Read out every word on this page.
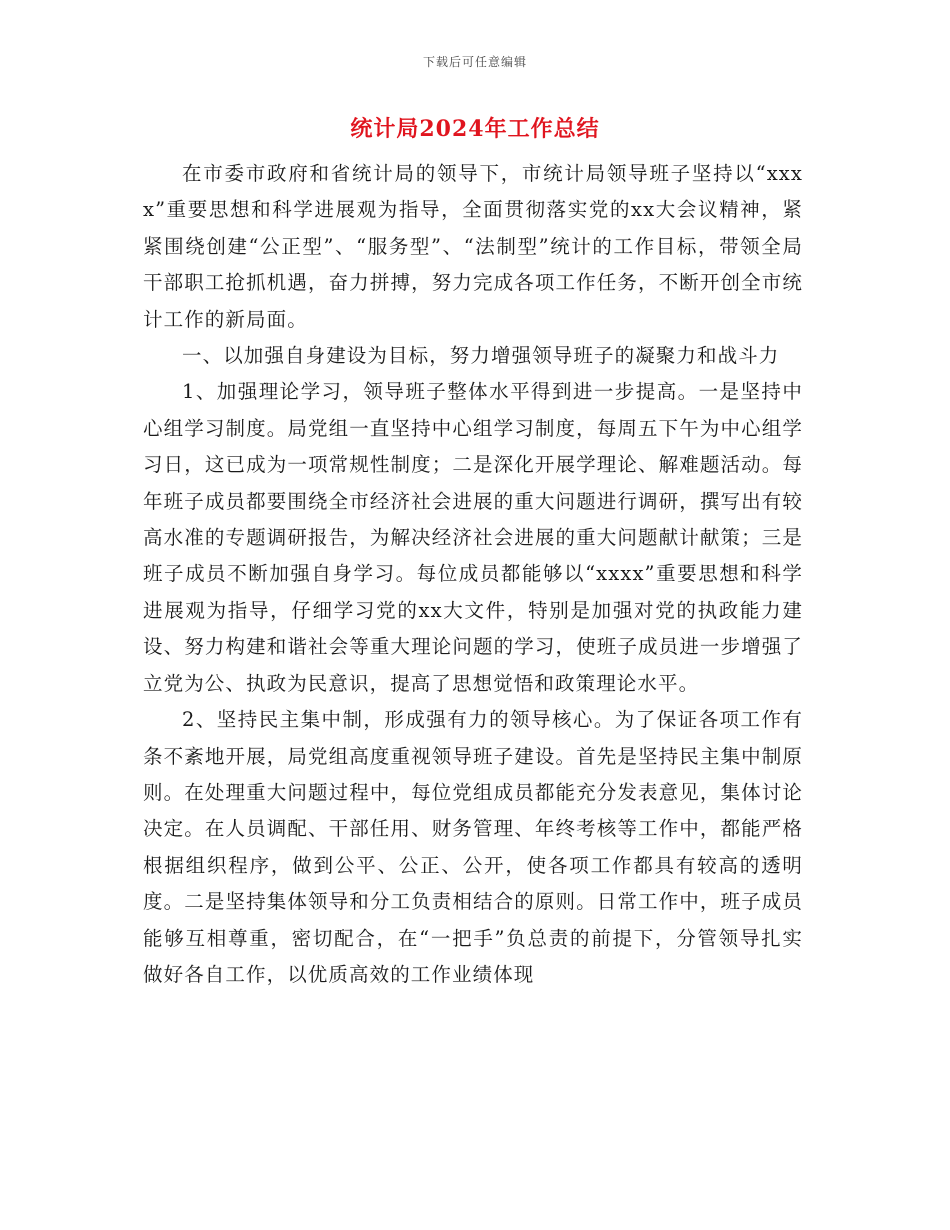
下载后可任意编辑
统计局2024年工作总结

在市委市政府和省统计局的领导下，市统计局领导班子坚持以“xxxx”重要思想和科学进展观为指导，全面贯彻落实党的xx大会议精神，紧紧围绕创建“公正型”、“服务型”、“法制型”统计的工作目标，带领全局干部职工抢抓机遇，奋力拼搏，努力完成各项工作任务，不断开创全市统计工作的新局面。

一、以加强自身建设为目标，努力增强领导班子的凝聚力和战斗力

1、加强理论学习，领导班子整体水平得到进一步提高。一是坚持中心组学习制度。局党组一直坚持中心组学习制度，每周五下午为中心组学习日，这已成为一项常规性制度；二是深化开展学理论、解难题活动。每年班子成员都要围绕全市经济社会进展的重大问题进行调研，撰写出有较高水准的专题调研报告，为解决经济社会进展的重大问题献计献策；三是班子成员不断加强自身学习。每位成员都能够以“xxxx”重要思想和科学进展观为指导，仔细学习党的xx大文件，特别是加强对党的执政能力建设、努力构建和谐社会等重大理论问题的学习，使班子成员进一步增强了立党为公、执政为民意识，提高了思想觉悟和政策理论水平。

2、坚持民主集中制，形成强有力的领导核心。为了保证各项工作有条不紊地开展，局党组高度重视领导班子建设。首先是坚持民主集中制原则。在处理重大问题过程中，每位党组成员都能充分发表意见，集体讨论决定。在人员调配、干部任用、财务管理、年终考核等工作中，都能严格根据组织程序，做到公平、公正、公开，使各项工作都具有较高的透明度。二是坚持集体领导和分工负责相结合的原则。日常工作中，班子成员能够互相尊重，密切配合，在“一把手”负总责的前提下，分管领导扎实做好各自工作，以优质高效的工作业绩体现
